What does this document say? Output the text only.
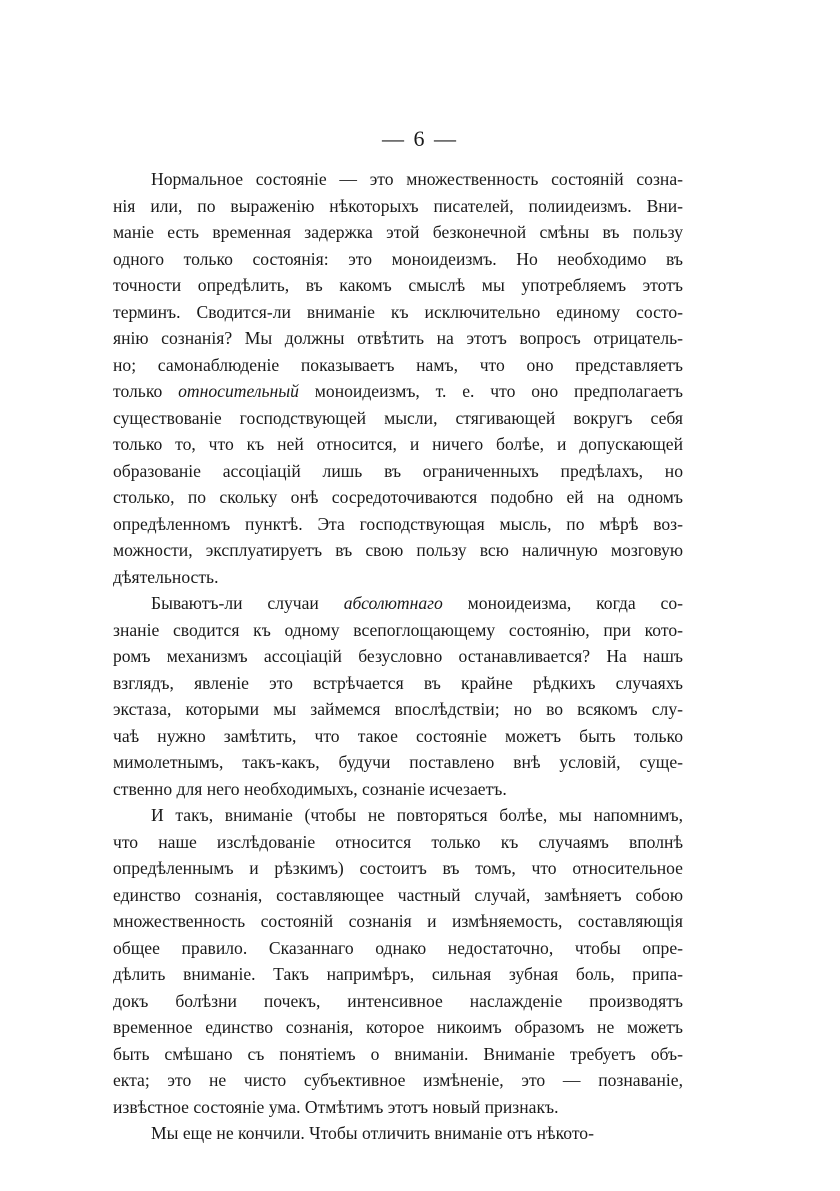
— 6 —
Нормальное состояніе — это множественность состояній созна-
нія или, по выраженію нѣкоторыхъ писателей, полиидеизмъ. Вни-
маніе есть временная задержка этой безконечной смѣны въ пользу
одного только состоянія: это моноидеизмъ. Но необходимо въ
точности опредѣлить, въ какомъ смыслѣ мы употребляемъ этотъ
терминъ. Сводится-ли вниманіе къ исключительно единому состо-
янію сознанія? Мы должны отвѣтить на этотъ вопросъ отрицатель-
но; самонаблюденіе показываетъ намъ, что оно представляетъ
только относительный моноидеизмъ, т. е. что оно предполагаетъ
существованіе господствующей мысли, стягивающей вокругъ себя
только то, что къ ней относится, и ничего болѣе, и допускающей
образованіе ассоціацій лишь въ ограниченныхъ предѣлахъ, но
столько, по скольку онѣ сосредоточиваются подобно ей на одномъ
опредѣленномъ пунктѣ. Эта господствующая мысль, по мѣрѣ воз-
можности, эксплуатируетъ въ свою пользу всю наличную мозговую
дѣятельность.
Бываютъ-ли случаи абсолютнаго моноидеизма, когда со-
знаніе сводится къ одному всепоглощающему состоянію, при кото-
ромъ механизмъ ассоціацій безусловно останавливается? На нашъ
взглядъ, явленіе это встрѣчается въ крайне рѣдкихъ случаяхъ
экстаза, которыми мы займемся впослѣдствіи; но во всякомъ слу-
чаѣ нужно замѣтить, что такое состояніе можетъ быть только
мимолетнымъ, такъ-какъ, будучи поставлено внѣ условій, суще-
ственно для него необходимыхъ, сознаніе исчезаетъ.
И такъ, вниманіе (чтобы не повторяться болѣе, мы напомнимъ,
что наше изслѣдованіе относится только къ случаямъ вполнѣ
опредѣленнымъ и рѣзкимъ) состоитъ въ томъ, что относительное
единство сознанія, составляющее частный случай, замѣняетъ собою
множественность состояній сознанія и измѣняемость, составляющія
общее правило. Сказаннаго однако недостаточно, чтобы опре-
дѣлить вниманіе. Такъ напримѣръ, сильная зубная боль, припа-
докъ болѣзни почекъ, интенсивное наслажденіе производятъ
временное единство сознанія, которое никоимъ образомъ не можетъ
быть смѣшано съ понятіемъ о вниманіи. Вниманіе требуетъ объ-
екта; это не чисто субъективное измѣненіе, это — познаваніе,
извѣстное состояніе ума. Отмѣтимъ этотъ новый признакъ.
Мы еще не кончили. Чтобы отличить вниманіе отъ нѣкото-
